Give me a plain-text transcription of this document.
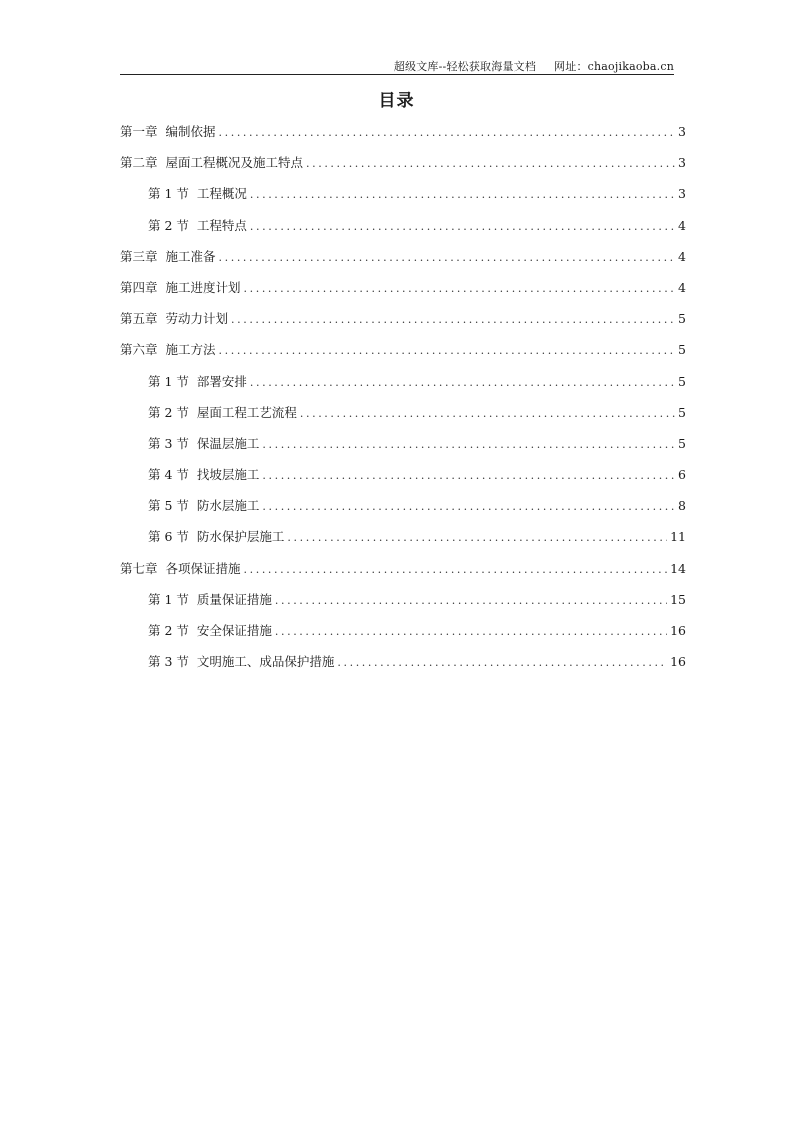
超级文库--轻松获取海量文档 网址：chaojikaoba.cn
目录
第一章 编制依据 .....	3
第二章 屋面工程概况及施工特点 .....	3
第 1 节 工程概况 .....	3
第 2 节 工程特点 .....	4
第三章 施工准备 .....	4
第四章 施工进度计划 .....	4
第五章 劳动力计划 .....	5
第六章 施工方法 .....	5
第 1 节 部署安排 .....	5
第 2 节 屋面工程工艺流程 .....	5
第 3 节 保温层施工 .....	5
第 4 节 找坡层施工 .....	6
第 5 节 防水层施工 .....	8
第 6 节 防水保护层施工 .....	11
第七章 各项保证措施 .....	14
第 1 节 质量保证措施 .....	15
第 2 节 安全保证措施 .....	16
第 3 节 文明施工、成品保护措施 .....	16
